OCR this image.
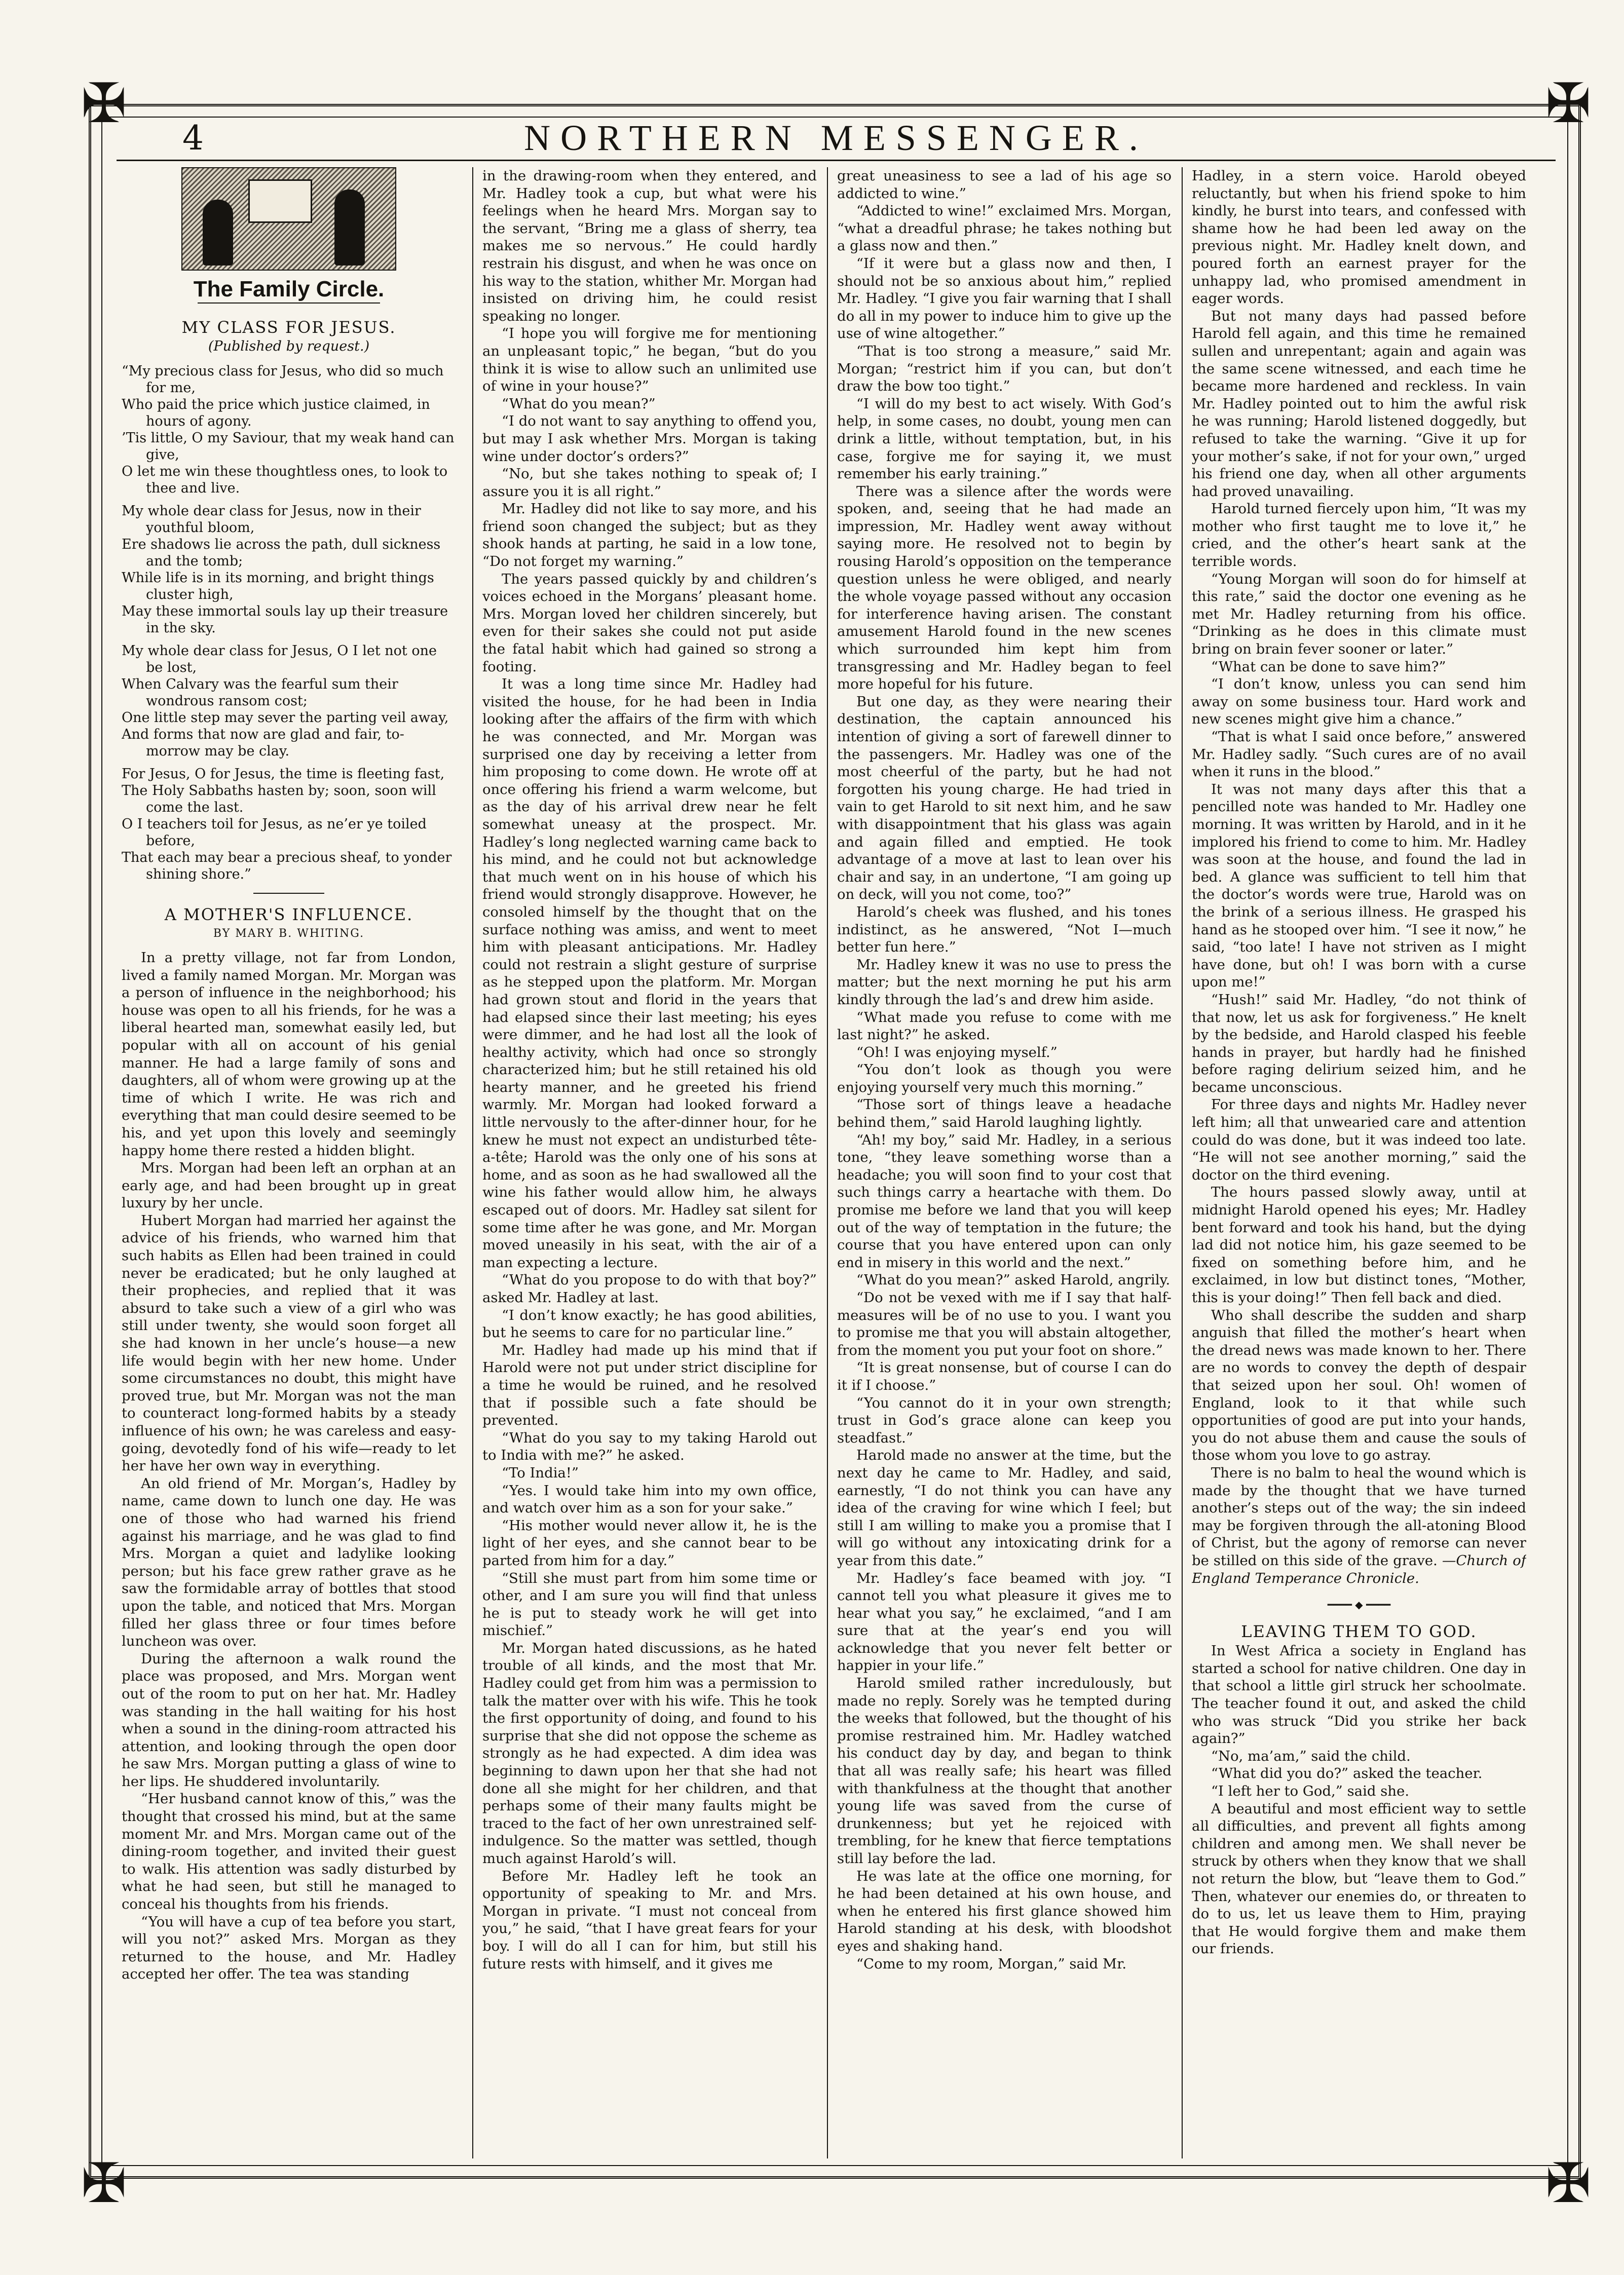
✠	✠
✠	✠
4	NORTHERN MESSENGER.
The Family Circle.
MY CLASS FOR JESUS.
(Published by request.)
“My precious class for Jesus, who did so much for me,
Who paid the price which justice claimed, in hours of agony.
’Tis little, O my Saviour, that my weak hand can give,
O let me win these thoughtless ones, to look to thee and live.
My whole dear class for Jesus, now in their youthful bloom,
Ere shadows lie across the path, dull sickness and the tomb;
While life is in its morning, and bright things cluster high,
May these immortal souls lay up their treasure in the sky.
My whole dear class for Jesus, O I let not one be lost,
When Calvary was the fearful sum their wondrous ransom cost;
One little step may sever the parting veil away,
And forms that now are glad and fair, to-morrow may be clay.
For Jesus, O for Jesus, the time is fleeting fast,
The Holy Sabbaths hasten by; soon, soon will come the last.
O I teachers toil for Jesus, as ne’er ye toiled before,
That each may bear a precious sheaf, to yonder shining shore.”
A MOTHER'S INFLUENCE.
BY MARY B. WHITING.

In a pretty village, not far from London, lived a family named Morgan. Mr. Morgan was a person of influence in the neighborhood; his house was open to all his friends, for he was a liberal hearted man, somewhat easily led, but popular with all on account of his genial manner. He had a large family of sons and daughters, all of whom were growing up at the time of which I write. He was rich and everything that man could desire seemed to be his, and yet upon this lovely and seemingly happy home there rested a hidden blight.

Mrs. Morgan had been left an orphan at an early age, and had been brought up in great luxury by her uncle.

Hubert Morgan had married her against the advice of his friends, who warned him that such habits as Ellen had been trained in could never be eradicated; but he only laughed at their prophecies, and replied that it was absurd to take such a view of a girl who was still under twenty, she would soon forget all she had known in her uncle’s house—a new life would begin with her new home. Under some circumstances no doubt, this might have proved true, but Mr. Morgan was not the man to counteract long-formed habits by a steady influence of his own; he was careless and easy-going, devotedly fond of his wife—ready to let her have her own way in everything.

An old friend of Mr. Morgan’s, Hadley by name, came down to lunch one day. He was one of those who had warned his friend against his marriage, and he was glad to find Mrs. Morgan a quiet and ladylike looking person; but his face grew rather grave as he saw the formidable array of bottles that stood upon the table, and noticed that Mrs. Morgan filled her glass three or four times before luncheon was over.

During the afternoon a walk round the place was proposed, and Mrs. Morgan went out of the room to put on her hat. Mr. Hadley was standing in the hall waiting for his host when a sound in the dining-room attracted his attention, and looking through the open door he saw Mrs. Morgan putting a glass of wine to her lips. He shuddered involuntarily.

“Her husband cannot know of this,” was the thought that crossed his mind, but at the same moment Mr. and Mrs. Morgan came out of the dining-room together, and invited their guest to walk. His attention was sadly disturbed by what he had seen, but still he managed to conceal his thoughts from his friends.

“You will have a cup of tea before you start, will you not?” asked Mrs. Morgan as they returned to the house, and Mr. Hadley accepted her offer. The tea was standing

in the drawing-room when they entered, and Mr. Hadley took a cup, but what were his feelings when he heard Mrs. Morgan say to the servant, “Bring me a glass of sherry, tea makes me so nervous.” He could hardly restrain his disgust, and when he was once on his way to the station, whither Mr. Morgan had insisted on driving him, he could resist speaking no longer.

“I hope you will forgive me for mentioning an unpleasant topic,” he began, “but do you think it is wise to allow such an unlimited use of wine in your house?”

“What do you mean?”

“I do not want to say anything to offend you, but may I ask whether Mrs. Morgan is taking wine under doctor’s orders?”

“No, but she takes nothing to speak of; I assure you it is all right.”

Mr. Hadley did not like to say more, and his friend soon changed the subject; but as they shook hands at parting, he said in a low tone, “Do not forget my warning.”

The years passed quickly by and children’s voices echoed in the Morgans’ pleasant home. Mrs. Morgan loved her children sincerely, but even for their sakes she could not put aside the fatal habit which had gained so strong a footing.

It was a long time since Mr. Hadley had visited the house, for he had been in India looking after the affairs of the firm with which he was connected, and Mr. Morgan was surprised one day by receiving a letter from him proposing to come down. He wrote off at once offering his friend a warm welcome, but as the day of his arrival drew near he felt somewhat uneasy at the prospect. Mr. Hadley’s long neglected warning came back to his mind, and he could not but acknowledge that much went on in his house of which his friend would strongly disapprove. However, he consoled himself by the thought that on the surface nothing was amiss, and went to meet him with pleasant anticipations. Mr. Hadley could not restrain a slight gesture of surprise as he stepped upon the platform. Mr. Morgan had grown stout and florid in the years that had elapsed since their last meeting; his eyes were dimmer, and he had lost all the look of healthy activity, which had once so strongly characterized him; but he still retained his old hearty manner, and he greeted his friend warmly. Mr. Morgan had looked forward a little nervously to the after-dinner hour, for he knew he must not expect an undisturbed tête-a-tête; Harold was the only one of his sons at home, and as soon as he had swallowed all the wine his father would allow him, he always escaped out of doors. Mr. Hadley sat silent for some time after he was gone, and Mr. Morgan moved uneasily in his seat, with the air of a man expecting a lecture.

“What do you propose to do with that boy?” asked Mr. Hadley at last.

“I don’t know exactly; he has good abilities, but he seems to care for no particular line.”

Mr. Hadley had made up his mind that if Harold were not put under strict discipline for a time he would be ruined, and he resolved that if possible such a fate should be prevented.

“What do you say to my taking Harold out to India with me?” he asked.

“To India!”

“Yes. I would take him into my own office, and watch over him as a son for your sake.”

“His mother would never allow it, he is the light of her eyes, and she cannot bear to be parted from him for a day.”

“Still she must part from him some time or other, and I am sure you will find that unless he is put to steady work he will get into mischief.”

Mr. Morgan hated discussions, as he hated trouble of all kinds, and the most that Mr. Hadley could get from him was a permission to talk the matter over with his wife. This he took the first opportunity of doing, and found to his surprise that she did not oppose the scheme as strongly as he had expected. A dim idea was beginning to dawn upon her that she had not done all she might for her children, and that perhaps some of their many faults might be traced to the fact of her own unrestrained self-indulgence. So the matter was settled, though much against Harold’s will.

Before Mr. Hadley left he took an opportunity of speaking to Mr. and Mrs. Morgan in private. “I must not conceal from you,” he said, “that I have great fears for your boy. I will do all I can for him, but still his future rests with himself, and it gives me

great uneasiness to see a lad of his age so addicted to wine.”

“Addicted to wine!” exclaimed Mrs. Morgan, “what a dreadful phrase; he takes nothing but a glass now and then.”

“If it were but a glass now and then, I should not be so anxious about him,” replied Mr. Hadley. “I give you fair warning that I shall do all in my power to induce him to give up the use of wine altogether.”

“That is too strong a measure,” said Mr. Morgan; “restrict him if you can, but don’t draw the bow too tight.”

“I will do my best to act wisely. With God’s help, in some cases, no doubt, young men can drink a little, without temptation, but, in his case, forgive me for saying it, we must remember his early training.”

There was a silence after the words were spoken, and, seeing that he had made an impression, Mr. Hadley went away without saying more. He resolved not to begin by rousing Harold’s opposition on the temperance question unless he were obliged, and nearly the whole voyage passed without any occasion for interference having arisen. The constant amusement Harold found in the new scenes which surrounded him kept him from transgressing and Mr. Hadley began to feel more hopeful for his future.

But one day, as they were nearing their destination, the captain announced his intention of giving a sort of farewell dinner to the passengers. Mr. Hadley was one of the most cheerful of the party, but he had not forgotten his young charge. He had tried in vain to get Harold to sit next him, and he saw with disappointment that his glass was again and again filled and emptied. He took advantage of a move at last to lean over his chair and say, in an undertone, “I am going up on deck, will you not come, too?”

Harold’s cheek was flushed, and his tones indistinct, as he answered, “Not I—much better fun here.”

Mr. Hadley knew it was no use to press the matter; but the next morning he put his arm kindly through the lad’s and drew him aside.

“What made you refuse to come with me last night?” he asked.

“Oh! I was enjoying myself.”

“You don’t look as though you were enjoying yourself very much this morning.”

“Those sort of things leave a headache behind them,” said Harold laughing lightly.

“Ah! my boy,” said Mr. Hadley, in a serious tone, “they leave something worse than a headache; you will soon find to your cost that such things carry a heartache with them. Do promise me before we land that you will keep out of the way of temptation in the future; the course that you have entered upon can only end in misery in this world and the next.”

“What do you mean?” asked Harold, angrily.

“Do not be vexed with me if I say that half-measures will be of no use to you. I want you to promise me that you will abstain altogether, from the moment you put your foot on shore.”

“It is great nonsense, but of course I can do it if I choose.”

“You cannot do it in your own strength; trust in God’s grace alone can keep you steadfast.”

Harold made no answer at the time, but the next day he came to Mr. Hadley, and said, earnestly, “I do not think you can have any idea of the craving for wine which I feel; but still I am willing to make you a promise that I will go without any intoxicating drink for a year from this date.”

Mr. Hadley’s face beamed with joy. “I cannot tell you what pleasure it gives me to hear what you say,” he exclaimed, “and I am sure that at the year’s end you will acknowledge that you never felt better or happier in your life.”

Harold smiled rather incredulously, but made no reply. Sorely was he tempted during the weeks that followed, but the thought of his promise restrained him. Mr. Hadley watched his conduct day by day, and began to think that all was really safe; his heart was filled with thankfulness at the thought that another young life was saved from the curse of drunkenness; but yet he rejoiced with trembling, for he knew that fierce temptations still lay before the lad.

He was late at the office one morning, for he had been detained at his own house, and when he entered his first glance showed him Harold standing at his desk, with bloodshot eyes and shaking hand.

“Come to my room, Morgan,” said Mr.

Hadley, in a stern voice. Harold obeyed reluctantly, but when his friend spoke to him kindly, he burst into tears, and confessed with shame how he had been led away on the previous night. Mr. Hadley knelt down, and poured forth an earnest prayer for the unhappy lad, who promised amendment in eager words.

But not many days had passed before Harold fell again, and this time he remained sullen and unrepentant; again and again was the same scene witnessed, and each time he became more hardened and reckless. In vain Mr. Hadley pointed out to him the awful risk he was running; Harold listened doggedly, but refused to take the warning. “Give it up for your mother’s sake, if not for your own,” urged his friend one day, when all other arguments had proved unavailing.

Harold turned fiercely upon him, “It was my mother who first taught me to love it,” he cried, and the other’s heart sank at the terrible words.

“Young Morgan will soon do for himself at this rate,” said the doctor one evening as he met Mr. Hadley returning from his office. “Drinking as he does in this climate must bring on brain fever sooner or later.”

“What can be done to save him?”

“I don’t know, unless you can send him away on some business tour. Hard work and new scenes might give him a chance.”

“That is what I said once before,” answered Mr. Hadley sadly. “Such cures are of no avail when it runs in the blood.”

It was not many days after this that a pencilled note was handed to Mr. Hadley one morning. It was written by Harold, and in it he implored his friend to come to him. Mr. Hadley was soon at the house, and found the lad in bed. A glance was sufficient to tell him that the doctor’s words were true, Harold was on the brink of a serious illness. He grasped his hand as he stooped over him. “I see it now,” he said, “too late! I have not striven as I might have done, but oh! I was born with a curse upon me!”

“Hush!” said Mr. Hadley, “do not think of that now, let us ask for forgiveness.” He knelt by the bedside, and Harold clasped his feeble hands in prayer, but hardly had he finished before raging delirium seized him, and he became unconscious.

For three days and nights Mr. Hadley never left him; all that unwearied care and attention could do was done, but it was indeed too late. “He will not see another morning,” said the doctor on the third evening.

The hours passed slowly away, until at midnight Harold opened his eyes; Mr. Hadley bent forward and took his hand, but the dying lad did not notice him, his gaze seemed to be fixed on something before him, and he exclaimed, in low but distinct tones, “Mother, this is your doing!” Then fell back and died.

Who shall describe the sudden and sharp anguish that filled the mother’s heart when the dread news was made known to her. There are no words to convey the depth of despair that seized upon her soul. Oh! women of England, look to it that while such opportunities of good are put into your hands, you do not abuse them and cause the souls of those whom you love to go astray.

There is no balm to heal the wound which is made by the thought that we have turned another’s steps out of the way; the sin indeed may be forgiven through the all-atoning Blood of Christ, but the agony of remorse can never be stilled on this side of the grave. —Church of England Temperance Chronicle.

━━━━ ◆ ━━━━
LEAVING THEM TO GOD.

In West Africa a society in England has started a school for native children. One day in that school a little girl struck her schoolmate. The teacher found it out, and asked the child who was struck “Did you strike her back again?”

“No, ma’am,” said the child.

“What did you do?” asked the teacher.

“I left her to God,” said she.

A beautiful and most efficient way to settle all difficulties, and prevent all fights among children and among men. We shall never be struck by others when they know that we shall not return the blow, but “leave them to God.” Then, whatever our enemies do, or threaten to do to us, let us leave them to Him, praying that He would forgive them and make them our friends.
